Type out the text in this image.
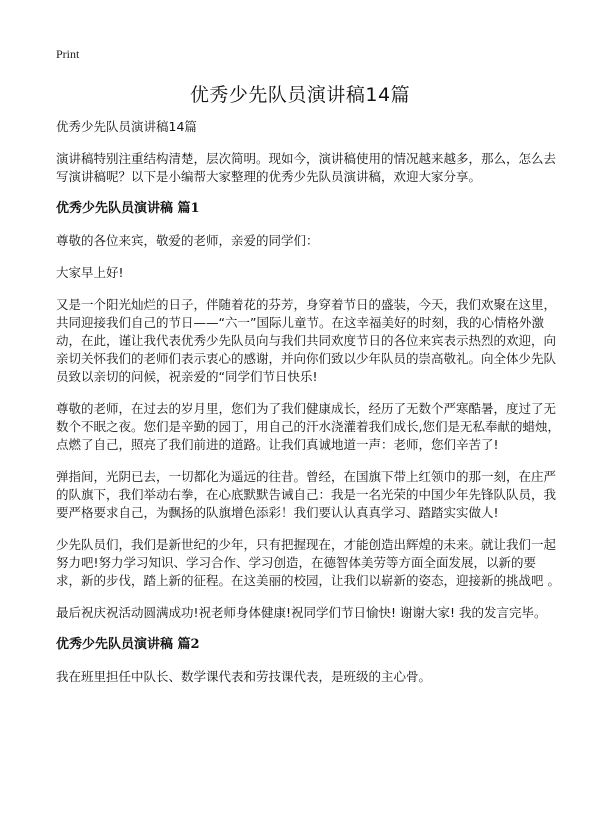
Print
优秀少先队员演讲稿14篇
优秀少先队员演讲稿14篇

演讲稿特别注重结构清楚，层次简明。现如今，演讲稿使用的情况越来越多，那么，怎么去写演讲稿呢？以下是小编帮大家整理的优秀少先队员演讲稿，欢迎大家分享。

优秀少先队员演讲稿 篇1

尊敬的各位来宾，敬爱的老师，亲爱的同学们：

大家早上好!

又是一个阳光灿烂的日子，伴随着花的芬芳，身穿着节日的盛装，今天，我们欢聚在这里，共同迎接我们自己的节日——“六一”国际儿童节。在这幸福美好的时刻，我的心情格外激动，在此，谨让我代表优秀少先队员向与我们共同欢度节日的各位来宾表示热烈的欢迎，向亲切关怀我们的老师们表示衷心的感谢，并向你们致以少年队员的崇高敬礼。向全体少先队员致以亲切的问候，祝亲爱的“同学们节日快乐!

尊敬的老师，在过去的岁月里，您们为了我们健康成长，经历了无数个严寒酷暑，度过了无数个不眠之夜。您们是辛勤的园丁，用自己的汗水浇灌着我们成长,您们是无私奉献的蜡烛，点燃了自己，照亮了我们前进的道路。让我们真诚地道一声：老师，您们辛苦了!

弹指间，光阴已去，一切都化为遥远的往昔。曾经，在国旗下带上红领巾的那一刻，在庄严的队旗下，我们举动右拳，在心底默默告诫自己：我是一名光荣的中国少年先锋队队员，我要严格要求自己，为飘扬的队旗增色添彩！我们要认认真真学习、踏踏实实做人!

少先队员们，我们是新世纪的少年，只有把握现在，才能创造出辉煌的未来。就让我们一起努力吧!努力学习知识、学习合作、学习创造，在德智体美劳等方面全面发展，以新的要求，新的步伐，踏上新的征程。在这美丽的校园，让我们以崭新的姿态，迎接新的挑战吧 。

最后祝庆祝活动圆满成功!祝老师身体健康!祝同学们节日愉快! 谢谢大家! 我的发言完毕。

优秀少先队员演讲稿 篇2

我在班里担任中队长、数学课代表和劳技课代表，是班级的主心骨。
